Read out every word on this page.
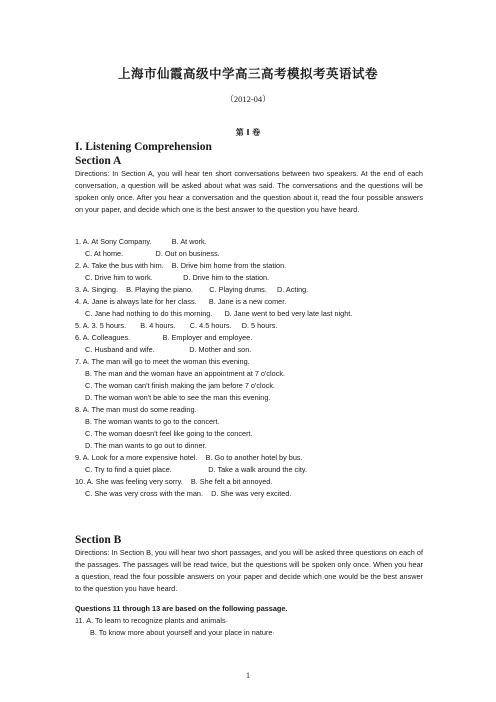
上海市仙霞高级中学高三高考模拟考英语试卷
（2012-04）
第 I 卷
I. Listening Comprehension
Section A
Directions: In Section A, you will hear ten short conversations between two speakers. At the end of each conversation, a question will be asked about what was said. The conversations and the questions will be spoken only once. After you hear a conversation and the question about it, read the four possible answers on your paper, and decide which one is the best answer to the question you have heard.
1. A. At Sony Company.          B. At work.
C. At home.                D. Out on business.
2. A. Take the bus with him.    B. Drive him home from the station.
C. Drive him to work.               D. Drive him to the station.
3. A. Singing.    B. Playing the piano.        C. Playing drums.     D. Acting.
4. A. Jane is always late for her class.      B. Jane is a new comer.
C. Jane had nothing to do this morning.      D. Jane went to bed very late last night.
5. A. 3. 5 hours.       B. 4 hours.       C. 4.5 hours.     D. 5 hours.
6. A. Colleagues.                B. Employer and employee.
C. Husband and wife.                 D. Mother and son.
7. A. The man will go to meet the woman this evening.
B. The man and the woman have an appointment at 7 o'clock.
C. The woman can't finish making the jam before 7 o'clock.
D. The woman won't be able to see the man this evening.
8. A. The man must do some reading.
B. The woman wants to go to the concert.
C. The woman doesn't feel like going to the concert.
D. The man wants to go out to dinner.
9. A. Look for a more expensive hotel.    B. Go to another hotel by bus.
C. Try to find a quiet place.                  D. Take a walk around the city.
10. A. She was feeling very sorry.    B. She felt a bit annoyed.
C. She was very cross with the man.    D. She was very excited.
Section B
Directions: In Section B, you will hear two short passages, and you will be asked three questions on each of the passages. The passages will be read twice, but the questions will be spoken only once. When you hear a question, read the four possible answers on your paper and decide which one would be the best answer to the question you have heard.
Questions 11 through 13 are based on the following passage.
11. A. To learn to recognize plants and animals·
B. To know more about yourself and your place in nature·
1
